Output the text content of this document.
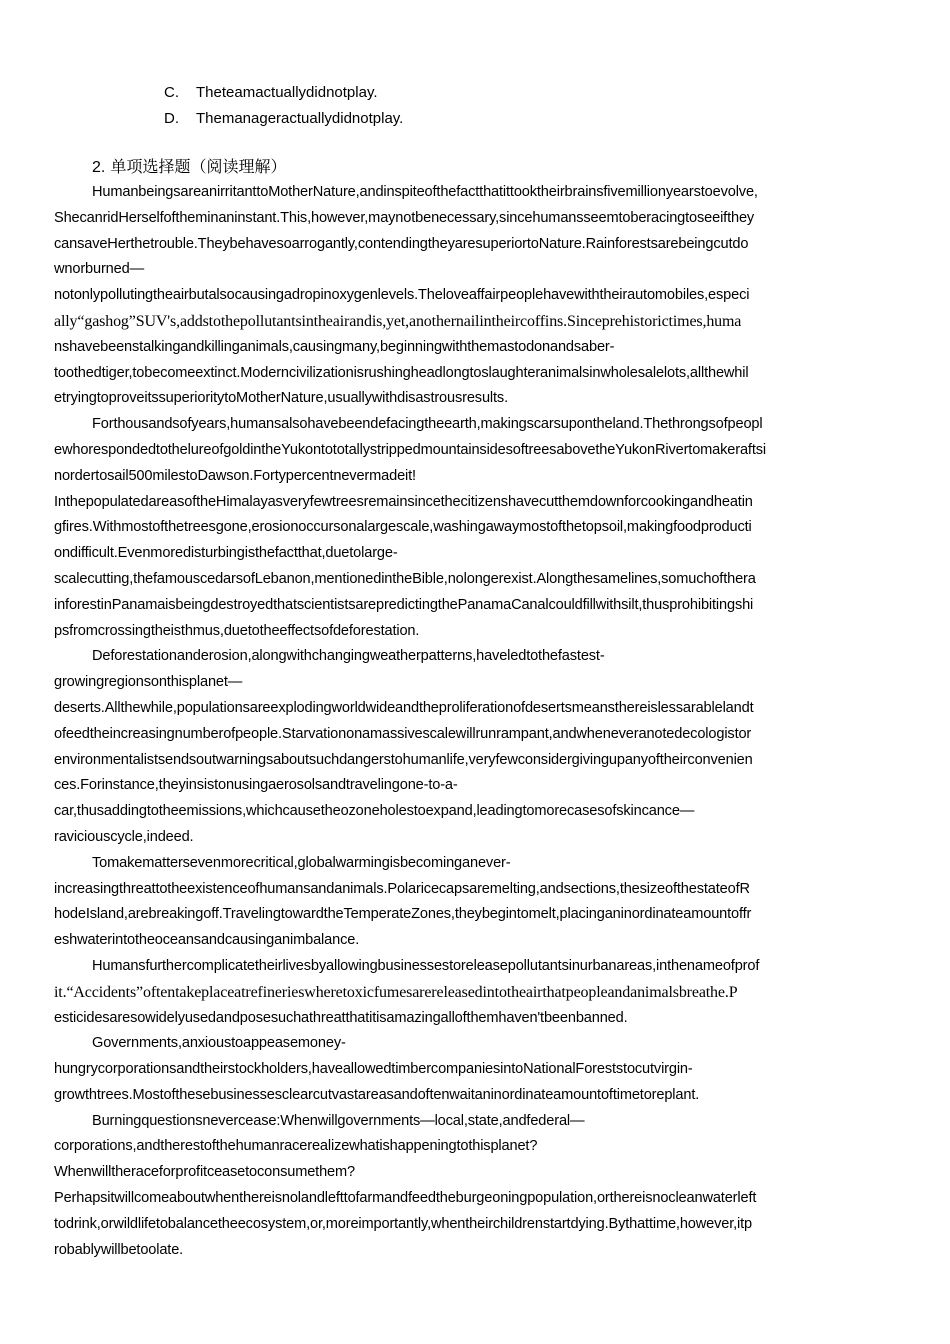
C. Theteamactuallydidnotplay.
D. Themanageractuallydidnotplay.
2. 单项选择题（阅读理解）
HumanbeingsareanirritanttoMotherNature,andinspiteofthefactthatittooktheirbrainsfivemillionyearstoevolve,
ShecanridHerselfoftheminaninstant.This,however,maynotbenecessary,sincehumansseemtoberacingtoseeifthey
cansaveHerthetrouble.Theybehavesoarrogantly,contendingtheyaresuperiortoNature.Rainforestsarebeingcutdo
wnorburned—
notonlypollutingtheairbutalsocausingadropinoxygenlevels.Theloveaffairpeoplehavewiththeirautomobiles,especi
ally“gashog”SUV's,addstothepollutantsintheairandis,yet,anothernailintheircoffins.Sinceprehistorictimes,huma
nshavebeenstalkingandkillinganimals,causingmany,beginningwiththemastodonandsaber-
toothedtiger,tobecomeextinct.Moderncivilizationisrushingheadlongtoslaughteranimalsinwholesalelots,allthewhil
etryingtoproveitssuperioritytoMotherNature,usuallywithdisastrousresults.
Forthousandsofyears,humansalsohavebeendefacingtheearth,makingscarsupontheland.Thethrongsofpeopl
ewhorespondedtothelureofgoldintheYukontototallystrippedmountainsidesoftreesabovetheYukonRivertomakeraftsi
nordertosail500milestoDawson.Fortypercentnevermadeit!
InthepopulatedareasoftheHimalayasveryfewtreesremainsincethecitizenshavecutthemdownforcookingandheatin
gfires.Withmostofthetreesgone,erosionoccursonalargescale,washingawaymostofthetopsoil,makingfoodproducti
ondifficult.Evenmoredisturbingisthefactthat,duetolarge-
scalecutting,thefamouscedarsofLebanon,mentionedintheBible,nolongerexist.Alongthesamelines,somuchofthera
inforestinPanamaisbeingdestroyedthatscientistsarepredictingthePanamaCanalcouldfillwithsilt,thusprohibitingshi
psfromcrossingtheisthmus,duetotheeffectsofdeforestation.
Deforestationanderosion,alongwithchangingweatherpatterns,haveledtothefastest-
growingregionsonthisplanet—
deserts.Allthewhile,populationsareexplodingworldwideandtheproliferationofdesertsmeansthereislessarablelandt
ofeedtheincreasingnumberofpeople.Starvationonamassivescalewillrunrampant,andwheneveranotedecologistor
environmentalistsendsoutwarningsaboutsuchdangerstohumanlife,veryfewconsidergivingupanyoftheirconvenien
ces.Forinstance,theyinsistonusingaerosolsandtravelingone-to-a-
car,thusaddingtotheemissions,whichcausetheozoneholestoexpand,leadingtomorecasesofskincance—
raviciouscycle,indeed.
Tomakemattersevenmorecritical,globalwarmingisbecominganever-
increasingthreattotheexistenceofhumansandanimals.Polaricecapsaremelting,andsections,thesizeofthestateofR
hodeIsland,arebreakingoff.TravelingtowardtheTemperateZones,theybegintomelt,placinganinordinateamountoffr
eshwaterintotheoceansandcausinganimbalance.
Humansfurthercomplicatetheirlivesbyallowingbusinessestoreleasepollutantsinurbanareas,inthenameofprof
it.“Accidents”oftentakeplaceatrefinerieswheretoxicfumesarereleasedintotheairthatpeopleandanimalsbreathe.P
esticidesaresowidelyusedandposesuchathreatthatitisamazingallofthemhaven'tbeenbanned.
Governments,anxioustoappeasemoney-
hungrycorporationsandtheirstockholders,haveallowedtimbercompaniesintoNationalForeststocutvirgin-
growthtrees.Mostofthesebusinessesclearcutvastareasandoftenwaitaninordinateamountoftimetoreplant.
Burningquestionsnevercease:Whenwillgovernments—local,state,andfederal—
corporations,andtherestofthehumanracerealizewhatishappeningtothisplanet?
Whenwilltheraceforprofitceasetoconsumethem?
Perhapsitwillcomeaboutwhenthereisnolandlefttofarmandfeedtheburgeoningpopulation,orthereisnocleanwaterleft
todrink,orwildlifetobalancetheecosystem,or,moreimportantly,whentheirchildrenstartdying.Bythattime,however,itp
robablywillbetoolate.
